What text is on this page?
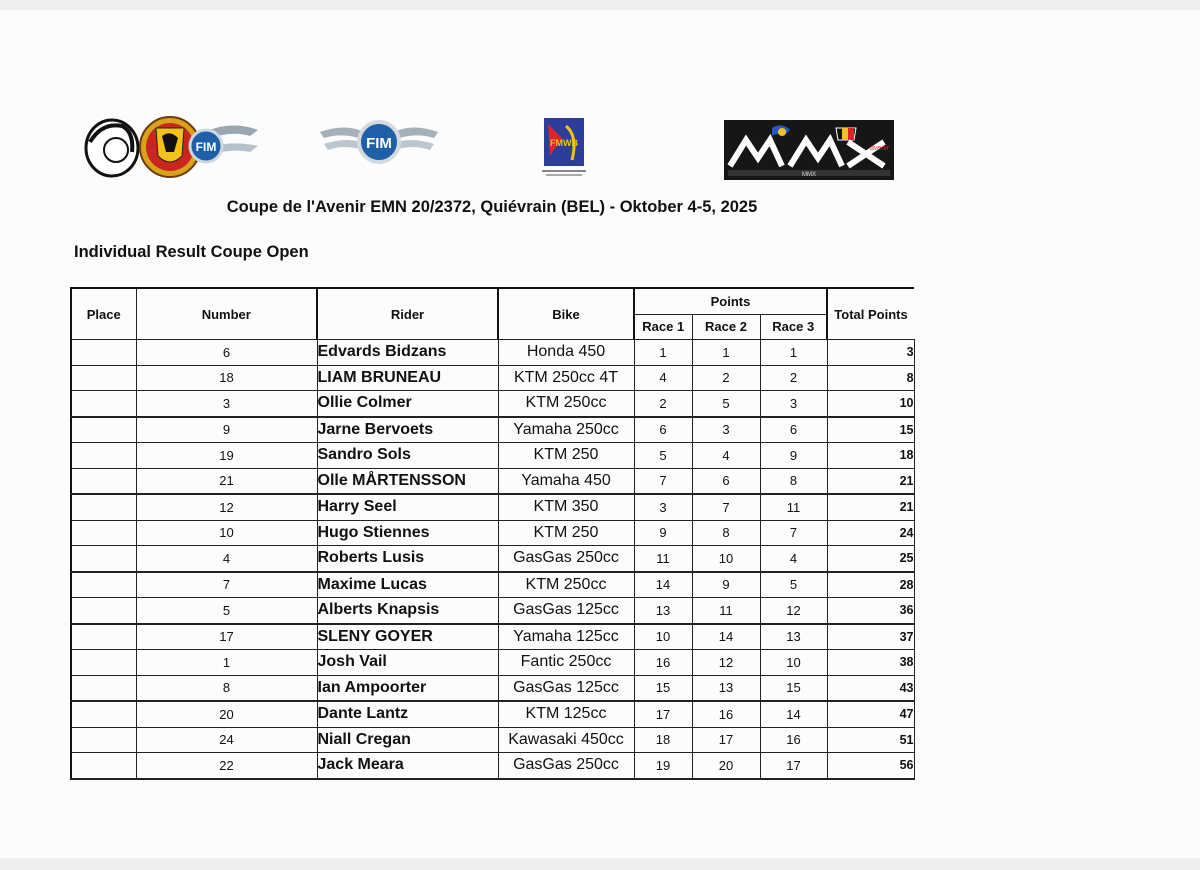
FIM	FIM	FMWB
avenir
MMX
Coupe de l'Avenir EMN 20/2372, Quiévrain (BEL) - Oktober 4-5, 2025
Individual Result Coupe Open
Place	Number	Rider	Bike	Points			Total Points
				Race 1	Race 2	Race 3	
	6	Edvards Bidzans	Honda 450	1	1	1	3
	18	LIAM BRUNEAU	KTM 250cc 4T	4	2	2	8
	3	Ollie Colmer	KTM 250cc	2	5	3	10
	9	Jarne Bervoets	Yamaha 250cc	6	3	6	15
	19	Sandro Sols	KTM 250	5	4	9	18
	21	Olle MÅRTENSSON	Yamaha 450	7	6	8	21
	12	Harry Seel	KTM 350	3	7	11	21
	10	Hugo Stiennes	KTM 250	9	8	7	24
	4	Roberts Lusis	GasGas 250cc	11	10	4	25
	7	Maxime Lucas	KTM 250cc	14	9	5	28
	5	Alberts Knapsis	GasGas 125cc	13	11	12	36
	17	SLENY GOYER	Yamaha 125cc	10	14	13	37
	1	Josh Vail	Fantic 250cc	16	12	10	38
	8	Ian Ampoorter	GasGas 125cc	15	13	15	43
	20	Dante Lantz	KTM 125cc	17	16	14	47
	24	Niall Cregan	Kawasaki 450cc	18	17	16	51
	22	Jack Meara	GasGas 250cc	19	20	17	56
